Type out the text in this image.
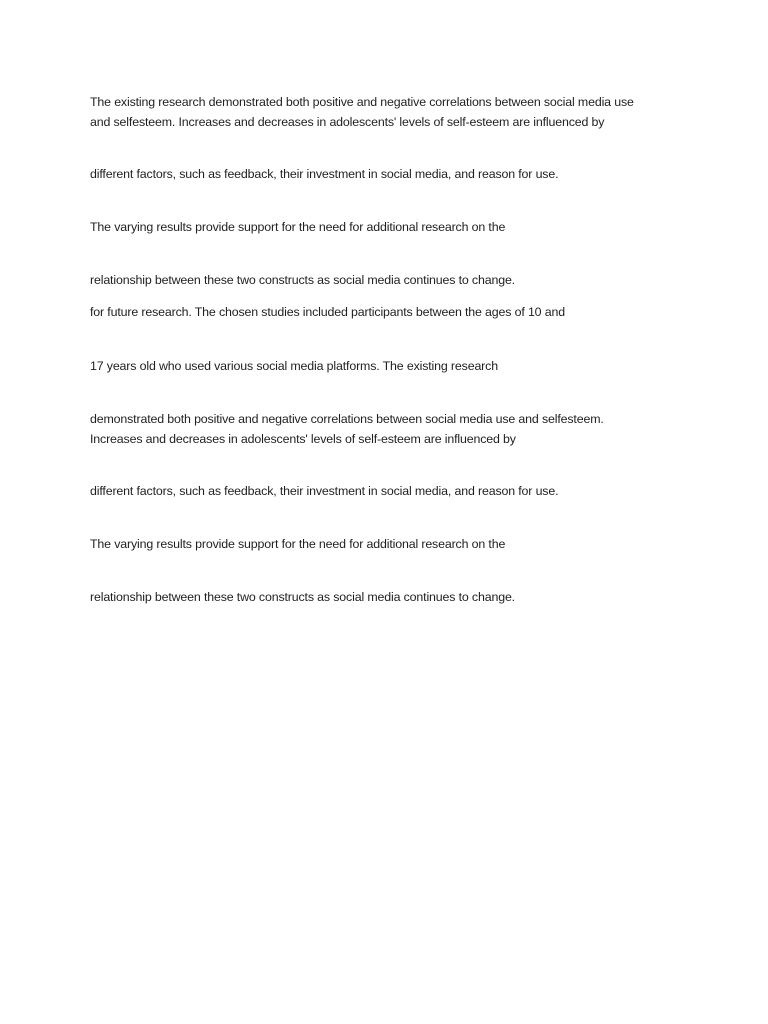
The existing research demonstrated both positive and negative correlations between social media use

and selfesteem. Increases and decreases in adolescents' levels of self-esteem are influenced by

different factors, such as feedback, their investment in social media, and reason for use.

The varying results provide support for the need for additional research on the

relationship between these two constructs as social media continues to change.

for future research. The chosen studies included participants between the ages of 10 and

17 years old who used various social media platforms. The existing research

demonstrated both positive and negative correlations between social media use and selfesteem.

Increases and decreases in adolescents' levels of self-esteem are influenced by

different factors, such as feedback, their investment in social media, and reason for use.

The varying results provide support for the need for additional research on the

relationship between these two constructs as social media continues to change.
